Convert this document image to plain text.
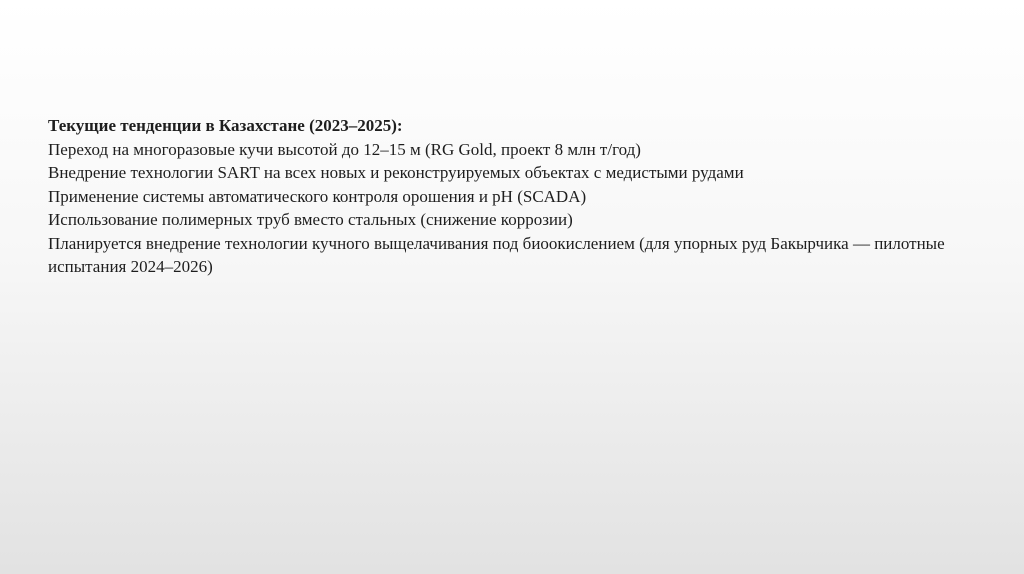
Текущие тенденции в Казахстане (2023–2025):

Переход на многоразовые кучи высотой до 12–15 м (RG Gold, проект 8 млн т/год)
Внедрение технологии SART на всех новых и реконструируемых объектах с медистыми рудами
Применение системы автоматического контроля орошения и pH (SCADA)
Использование полимерных труб вместо стальных (снижение коррозии)
Планируется внедрение технологии кучного выщелачивания под биоокислением (для упорных руд Бакырчика — пилотные испытания 2024–2026)
